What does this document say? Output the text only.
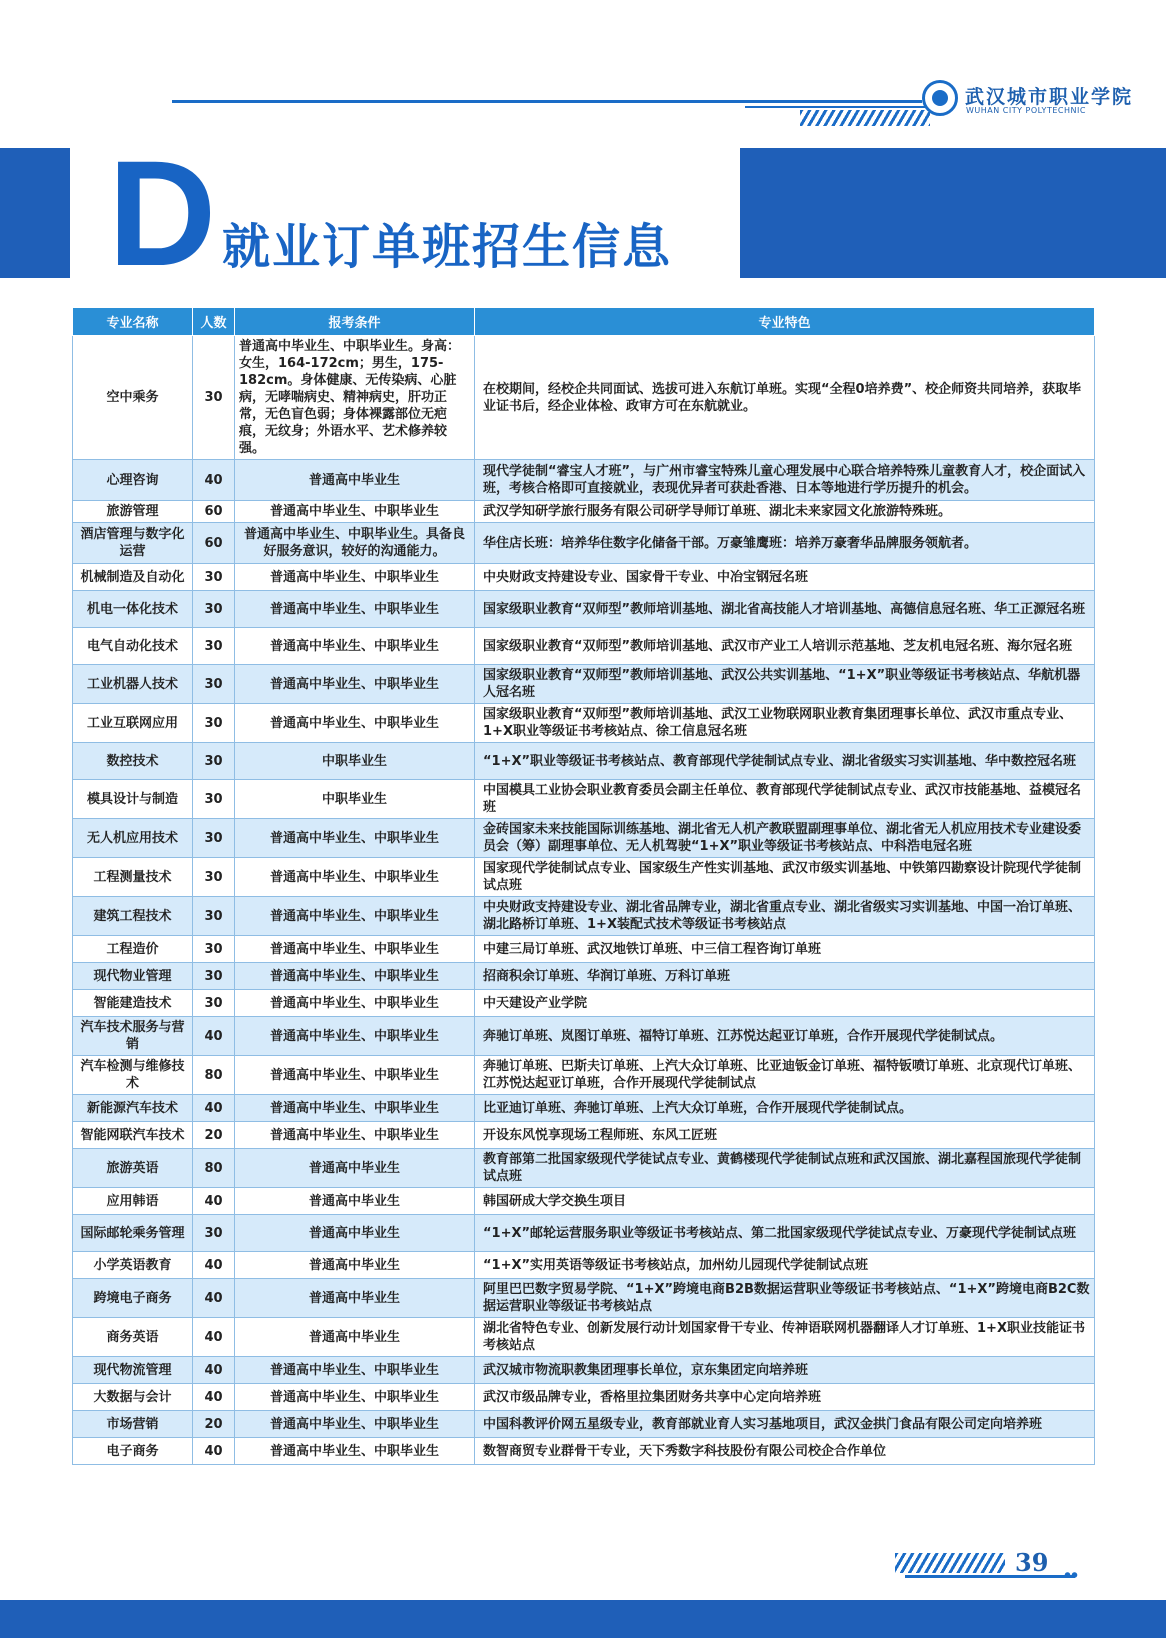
武汉城市职业学院
WUHAN CITY POLYTECHNIC
D 就业订单班招生信息
专业名称	人数	报考条件	专业特色
空中乘务	30	普通高中毕业生、中职毕业生。身高：女生，164-172cm；男生，175-182cm。身体健康、无传染病、心脏病，无哮喘病史、精神病史，肝功正常，无色盲色弱；身体裸露部位无疤痕，无纹身；外语水平、艺术修养较强。	在校期间，经校企共同面试、选拔可进入东航订单班。实现“全程0培养费”、校企师资共同培养，获取毕业证书后，经企业体检、政审方可在东航就业。
心理咨询	40	普通高中毕业生	现代学徒制“睿宝人才班”，与广州市睿宝特殊儿童心理发展中心联合培养特殊儿童教育人才，校企面试入班，考核合格即可直接就业，表现优异者可获赴香港、日本等地进行学历提升的机会。
旅游管理	60	普通高中毕业生、中职毕业生	武汉学知研学旅行服务有限公司研学导师订单班、湖北未来家园文化旅游特殊班。
酒店管理与数字化运营	60	普通高中毕业生、中职毕业生。具备良好服务意识，较好的沟通能力。	华住店长班：培养华住数字化储备干部。万豪雏鹰班：培养万豪奢华品牌服务领航者。
机械制造及自动化	30	普通高中毕业生、中职毕业生	中央财政支持建设专业、国家骨干专业、中冶宝钢冠名班
机电一体化技术	30	普通高中毕业生、中职毕业生	国家级职业教育“双师型”教师培训基地、湖北省高技能人才培训基地、高德信息冠名班、华工正源冠名班
电气自动化技术	30	普通高中毕业生、中职毕业生	国家级职业教育“双师型”教师培训基地、武汉市产业工人培训示范基地、芝友机电冠名班、海尔冠名班
工业机器人技术	30	普通高中毕业生、中职毕业生	国家级职业教育“双师型”教师培训基地、武汉公共实训基地、“1+X”职业等级证书考核站点、华航机器人冠名班
工业互联网应用	30	普通高中毕业生、中职毕业生	国家级职业教育“双师型”教师培训基地、武汉工业物联网职业教育集团理事长单位、武汉市重点专业、1+X职业等级证书考核站点、徐工信息冠名班
数控技术	30	中职毕业生	“1+X”职业等级证书考核站点、教育部现代学徒制试点专业、湖北省级实习实训基地、华中数控冠名班
模具设计与制造	30	中职毕业生	中国模具工业协会职业教育委员会副主任单位、教育部现代学徒制试点专业、武汉市技能基地、益模冠名班
无人机应用技术	30	普通高中毕业生、中职毕业生	金砖国家未来技能国际训练基地、湖北省无人机产教联盟副理事单位、湖北省无人机应用技术专业建设委员会（筹）副理事单位、无人机驾驶“1+X”职业等级证书考核站点、中科浩电冠名班
工程测量技术	30	普通高中毕业生、中职毕业生	国家现代学徒制试点专业、国家级生产性实训基地、武汉市级实训基地、中铁第四勘察设计院现代学徒制试点班
建筑工程技术	30	普通高中毕业生、中职毕业生	中央财政支持建设专业、湖北省品牌专业，湖北省重点专业、湖北省级实习实训基地、中国一冶订单班、湖北路桥订单班、1+X装配式技术等级证书考核站点
工程造价	30	普通高中毕业生、中职毕业生	中建三局订单班、武汉地铁订单班、中三信工程咨询订单班
现代物业管理	30	普通高中毕业生、中职毕业生	招商积余订单班、华润订单班、万科订单班
智能建造技术	30	普通高中毕业生、中职毕业生	中天建设产业学院
汽车技术服务与营销	40	普通高中毕业生、中职毕业生	奔驰订单班、岚图订单班、福特订单班、江苏悦达起亚订单班，合作开展现代学徒制试点。
汽车检测与维修技术	80	普通高中毕业生、中职毕业生	奔驰订单班、巴斯夫订单班、上汽大众订单班、比亚迪钣金订单班、福特钣喷订单班、北京现代订单班、江苏悦达起亚订单班，合作开展现代学徒制试点
新能源汽车技术	40	普通高中毕业生、中职毕业生	比亚迪订单班、奔驰订单班、上汽大众订单班，合作开展现代学徒制试点。
智能网联汽车技术	20	普通高中毕业生、中职毕业生	开设东风悦享现场工程师班、东风工匠班
旅游英语	80	普通高中毕业生	教育部第二批国家级现代学徒试点专业、黄鹤楼现代学徒制试点班和武汉国旅、湖北嘉程国旅现代学徒制试点班
应用韩语	40	普通高中毕业生	韩国研成大学交换生项目
国际邮轮乘务管理	30	普通高中毕业生	“1+X”邮轮运营服务职业等级证书考核站点、第二批国家级现代学徒试点专业、万豪现代学徒制试点班
小学英语教育	40	普通高中毕业生	“1+X”实用英语等级证书考核站点，加州幼儿园现代学徒制试点班
跨境电子商务	40	普通高中毕业生	阿里巴巴数字贸易学院、“1+X”跨境电商B2B数据运营职业等级证书考核站点、“1+X”跨境电商B2C数据运营职业等级证书考核站点
商务英语	40	普通高中毕业生	湖北省特色专业、创新发展行动计划国家骨干专业、传神语联网机器翻译人才订单班、1+X职业技能证书考核站点
现代物流管理	40	普通高中毕业生、中职毕业生	武汉城市物流职教集团理事长单位，京东集团定向培养班
大数据与会计	40	普通高中毕业生、中职毕业生	武汉市级品牌专业，香格里拉集团财务共享中心定向培养班
市场营销	20	普通高中毕业生、中职毕业生	中国科教评价网五星级专业，教育部就业育人实习基地项目，武汉金拱门食品有限公司定向培养班
电子商务	40	普通高中毕业生、中职毕业生	数智商贸专业群骨干专业，天下秀数字科技股份有限公司校企合作单位
39
